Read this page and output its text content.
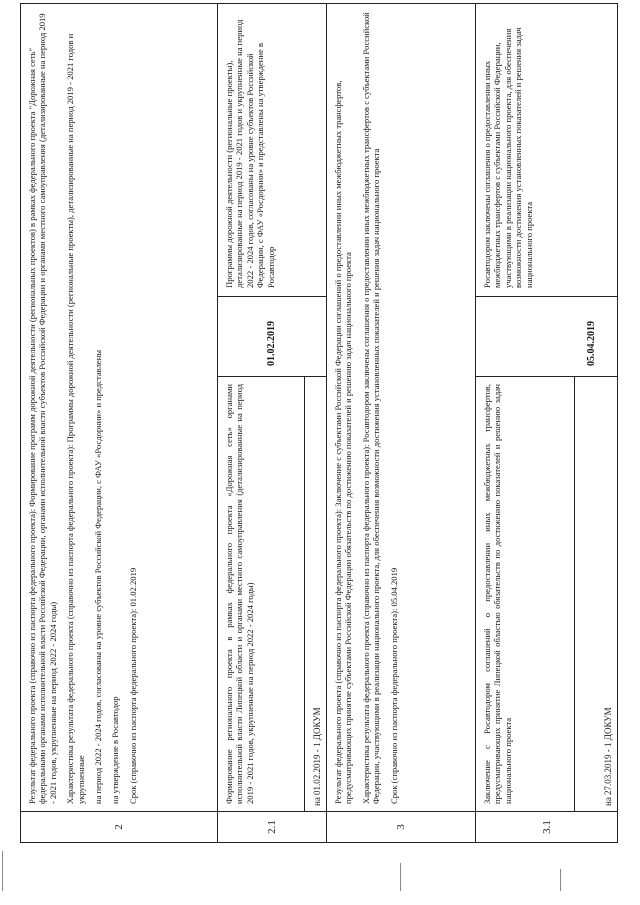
2

Результат федерального проекта (справочно из паспорта федерального проекта): Формирование программ дорожной деятельности (региональных проектов) в рамках федерального проекта "Дорожная сеть" федеральными органами исполнительной власти Российской Федерации, органами исполнительной власти субъектов Российской Федерации и органами местного самоуправления (детализированные на период 2019 - 2021 годов, укрупненные на период 2022 - 2024 годы) Характеристика результата федерального проекта (справочно из паспорта федерального проекта): Программы дорожной деятельности (региональные проекты), детализированные на период 2019 - 2021 годов и укрупненные на период 2022 - 2024 годов, согласованы на уровне субъектов Российской Федерации, с ФАУ «Росдорнии» и представлены на утверждение в Росавтодор Срок (справочно из паспорта федерального проекта): 01.02.2019

2.1
Формирование регионального проекта в рамках федерального проекта «Дорожная сеть» органами исполнительной власти Липецкой области и органами местного самоуправления (детализированные на период 2019 - 2021 годов, укрупненные на период 2022 - 2024 годы)	на 01.02.2019 - 1 ДОКУМ
01.02.2019
Программы дорожной деятельности (региональные проекты), детализированные на период 2019 - 2021 годов и укрупненные на период 2022 - 2024 годов, согласованы на уровне субъектов Российской Федерации, с ФАУ «Росдорнии» и представлены на утверждение в Росавтодор
3

Результат федерального проекта (справочно из паспорта федерального проекта): Заключение с субъектами Российской Федерации соглашений о предоставлении иных межбюджетных трансфертов, предусматривающих принятие субъектами Российской Федерации обязательств по достижению показателей и решению задач национального проекта Характеристика результата федерального проекта (справочно из паспорта федерального проекта): Росавтодором заключены соглашения о предоставлении иных межбюджетных трансфертов с субъектами Российской Федерации, участвующими в реализации национального проекта, для обеспечения возможности достижения установленных показателей и решения задач национального проекта Срок (справочно из паспорта федерального проекта): 05.04.2019

3.1
Заключение с Росавтодором соглашений о предоставлении иных межбюджетных трансфертов, предусматривающих принятие Липецкой областью обязательств по достижению показателей и решению задач национального проекта	на 27.03.2019 - 1 ДОКУМ
05.04.2019
Росавтодором заключены соглашения о предоставлении иных межбюджетных трансфертов с субъектами Российской Федерации, участвующими в реализации национального проекта, для обеспечения возможности достижения установленных показателей и решения задач национального проекта
